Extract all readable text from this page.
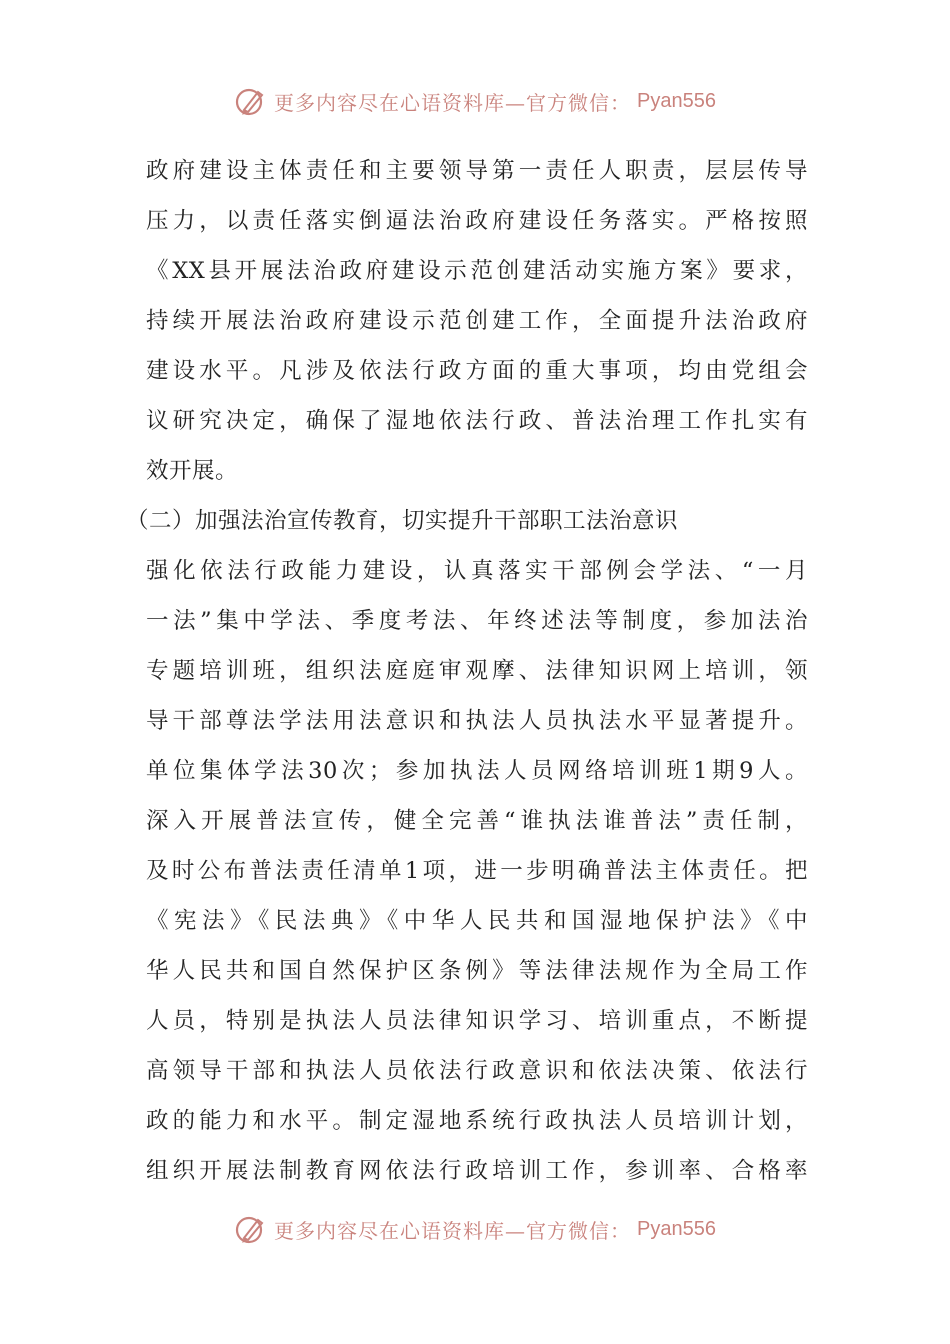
更多内容尽在心语资料库—官方微信： Pyan556
政府建设主体责任和主要领导第一责任人职责，层层传导
压力，以责任落实倒逼法治政府建设任务落实。严格按照
《XX县开展法治政府建设示范创建活动实施方案》要求，
持续开展法治政府建设示范创建工作，全面提升法治政府
建设水平。凡涉及依法行政方面的重大事项，均由党组会
议研究决定，确保了湿地依法行政、普法治理工作扎实有
效开展。
（二）加强法治宣传教育，切实提升干部职工法治意识
强化依法行政能力建设，认真落实干部例会学法、“一月
一法”集中学法、季度考法、年终述法等制度，参加法治
专题培训班，组织法庭庭审观摩、法律知识网上培训，领
导干部尊法学法用法意识和执法人员执法水平显著提升。
单位集体学法30次；参加执法人员网络培训班1期9人。
深入开展普法宣传，健全完善“谁执法谁普法”责任制，
及时公布普法责任清单1项，进一步明确普法主体责任。把
《宪法》《民法典》《中华人民共和国湿地保护法》《中
华人民共和国自然保护区条例》等法律法规作为全局工作
人员，特别是执法人员法律知识学习、培训重点，不断提
高领导干部和执法人员依法行政意识和依法决策、依法行
政的能力和水平。制定湿地系统行政执法人员培训计划，
组织开展法制教育网依法行政培训工作，参训率、合格率
更多内容尽在心语资料库—官方微信： Pyan556
